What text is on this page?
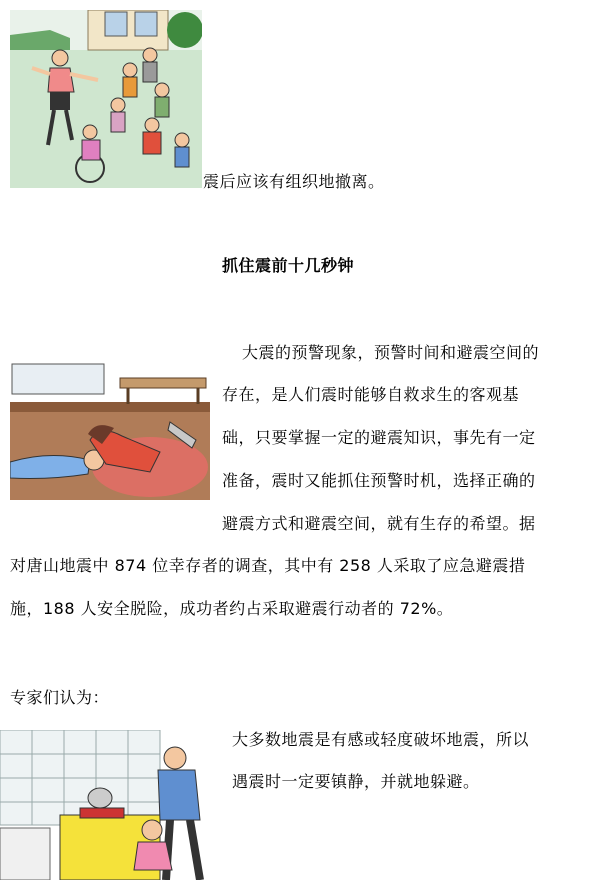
震后应该有组织地撤离。
抓住震前十几秒钟
大震的预警现象，预警时间和避震空间的
存在，是人们震时能够自救求生的客观基
础，只要掌握一定的避震知识，事先有一定
准备，震时又能抓住预警时机，选择正确的
避震方式和避震空间，就有生存的希望。据
对唐山地震中 874 位幸存者的调查，其中有 258 人采取了应急避震措
施，188 人安全脱险，成功者约占采取避震行动者的 72%。
专家们认为：
大多数地震是有感或轻度破坏地震，所以
遇震时一定要镇静，并就地躲避。
